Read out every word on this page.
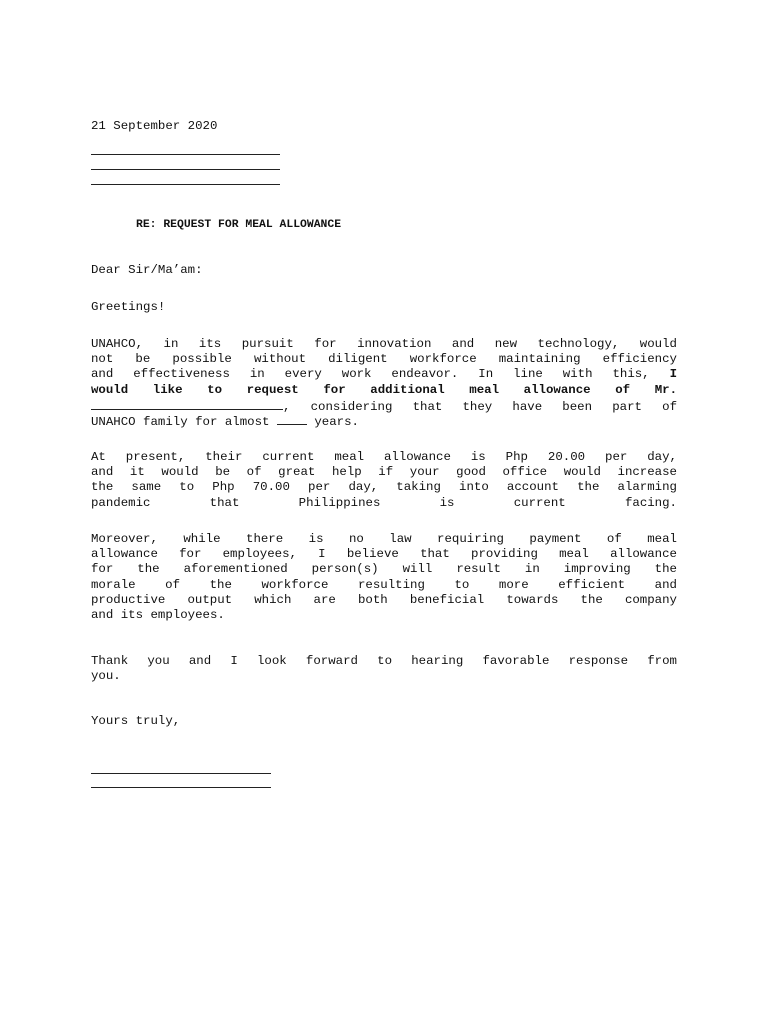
21 September 2020
RE: REQUEST FOR MEAL ALLOWANCE
Dear Sir/Ma’am:
Greetings!
UNAHCO, in its pursuit for innovation and new technology, would
not be possible without diligent workforce maintaining efficiency
and effectiveness in every work endeavor. In line with this, I
would like to request for additional meal allowance of Mr.
, considering that they have been part of
UNAHCO family for almost	years.
At present, their current meal allowance is Php 20.00 per day,
and it would be of great help if your good office would increase
the same to Php 70.00 per day, taking into account the alarming
pandemic that Philippines is current facing.
Moreover, while there is no law requiring payment of meal
allowance for employees, I believe that providing meal allowance
for the aforementioned person(s) will result in improving the
morale of the workforce resulting to more efficient and
productive output which are both beneficial towards the company
and its employees.
Thank you and I look forward to hearing favorable response from
you.
Yours truly,
